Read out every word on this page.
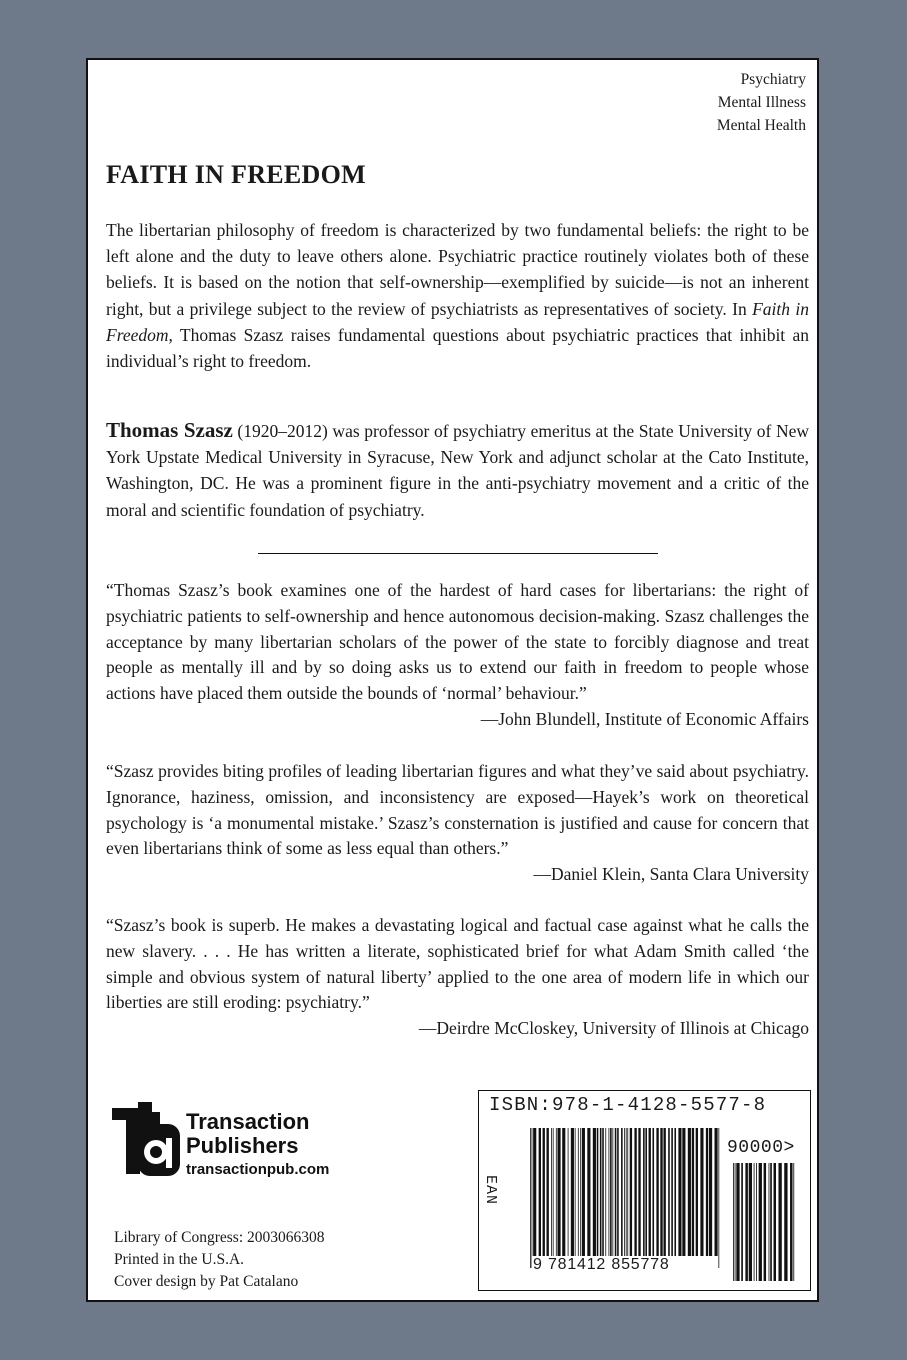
Psychiatry
Mental Illness
Mental Health
FAITH IN FREEDOM

The libertarian philosophy of freedom is characterized by two fundamental beliefs: the right to be left alone and the duty to leave others alone. Psychiatric practice routinely violates both of these beliefs. It is based on the notion that self-ownership—exemplified by suicide—is not an inherent right, but a privilege subject to the review of psychiatrists as representatives of society. In Faith in Freedom, Thomas Szasz raises fundamental questions about psychiatric practices that inhibit an individual’s right to freedom.

Thomas Szasz (1920–2012) was professor of psychiatry emeritus at the State University of New York Upstate Medical University in Syracuse, New York and adjunct scholar at the Cato Institute, Washington, DC. He was a prominent figure in the anti-psychiatry movement and a critic of the moral and scientific foundation of psychiatry.

“Thomas Szasz’s book examines one of the hardest of hard cases for libertarians: the right of psychiatric patients to self-ownership and hence autonomous decision-making. Szasz challenges the acceptance by many libertarian scholars of the power of the state to forcibly diagnose and treat people as mentally ill and by so doing asks us to extend our faith in freedom to people whose actions have placed them outside the bounds of ‘normal’ behaviour.”

—John Blundell, Institute of Economic Affairs

“Szasz provides biting profiles of leading libertarian figures and what they’ve said about psychiatry. Ignorance, haziness, omission, and inconsistency are exposed—Hayek’s work on theoretical psychology is ‘a monumental mistake.’ Szasz’s consternation is justified and cause for concern that even libertarians think of some as less equal than others.”

—Daniel Klein, Santa Clara University

“Szasz’s book is superb. He makes a devastating logical and factual case against what he calls the new slavery. . . . He has written a literate, sophisticated brief for what Adam Smith called ‘the simple and obvious system of natural liberty’ applied to the one area of modern life in which our liberties are still eroding: psychiatry.”

—Deirdre McCloskey, University of Illinois at Chicago

Transaction
Publishers
transactionpub.com
Library of Congress: 2003066308
Printed in the U.S.A.
Cover design by Pat Catalano
ISBN:978-1-4128-5577-8
EAN
9 781412 855778
90000>
